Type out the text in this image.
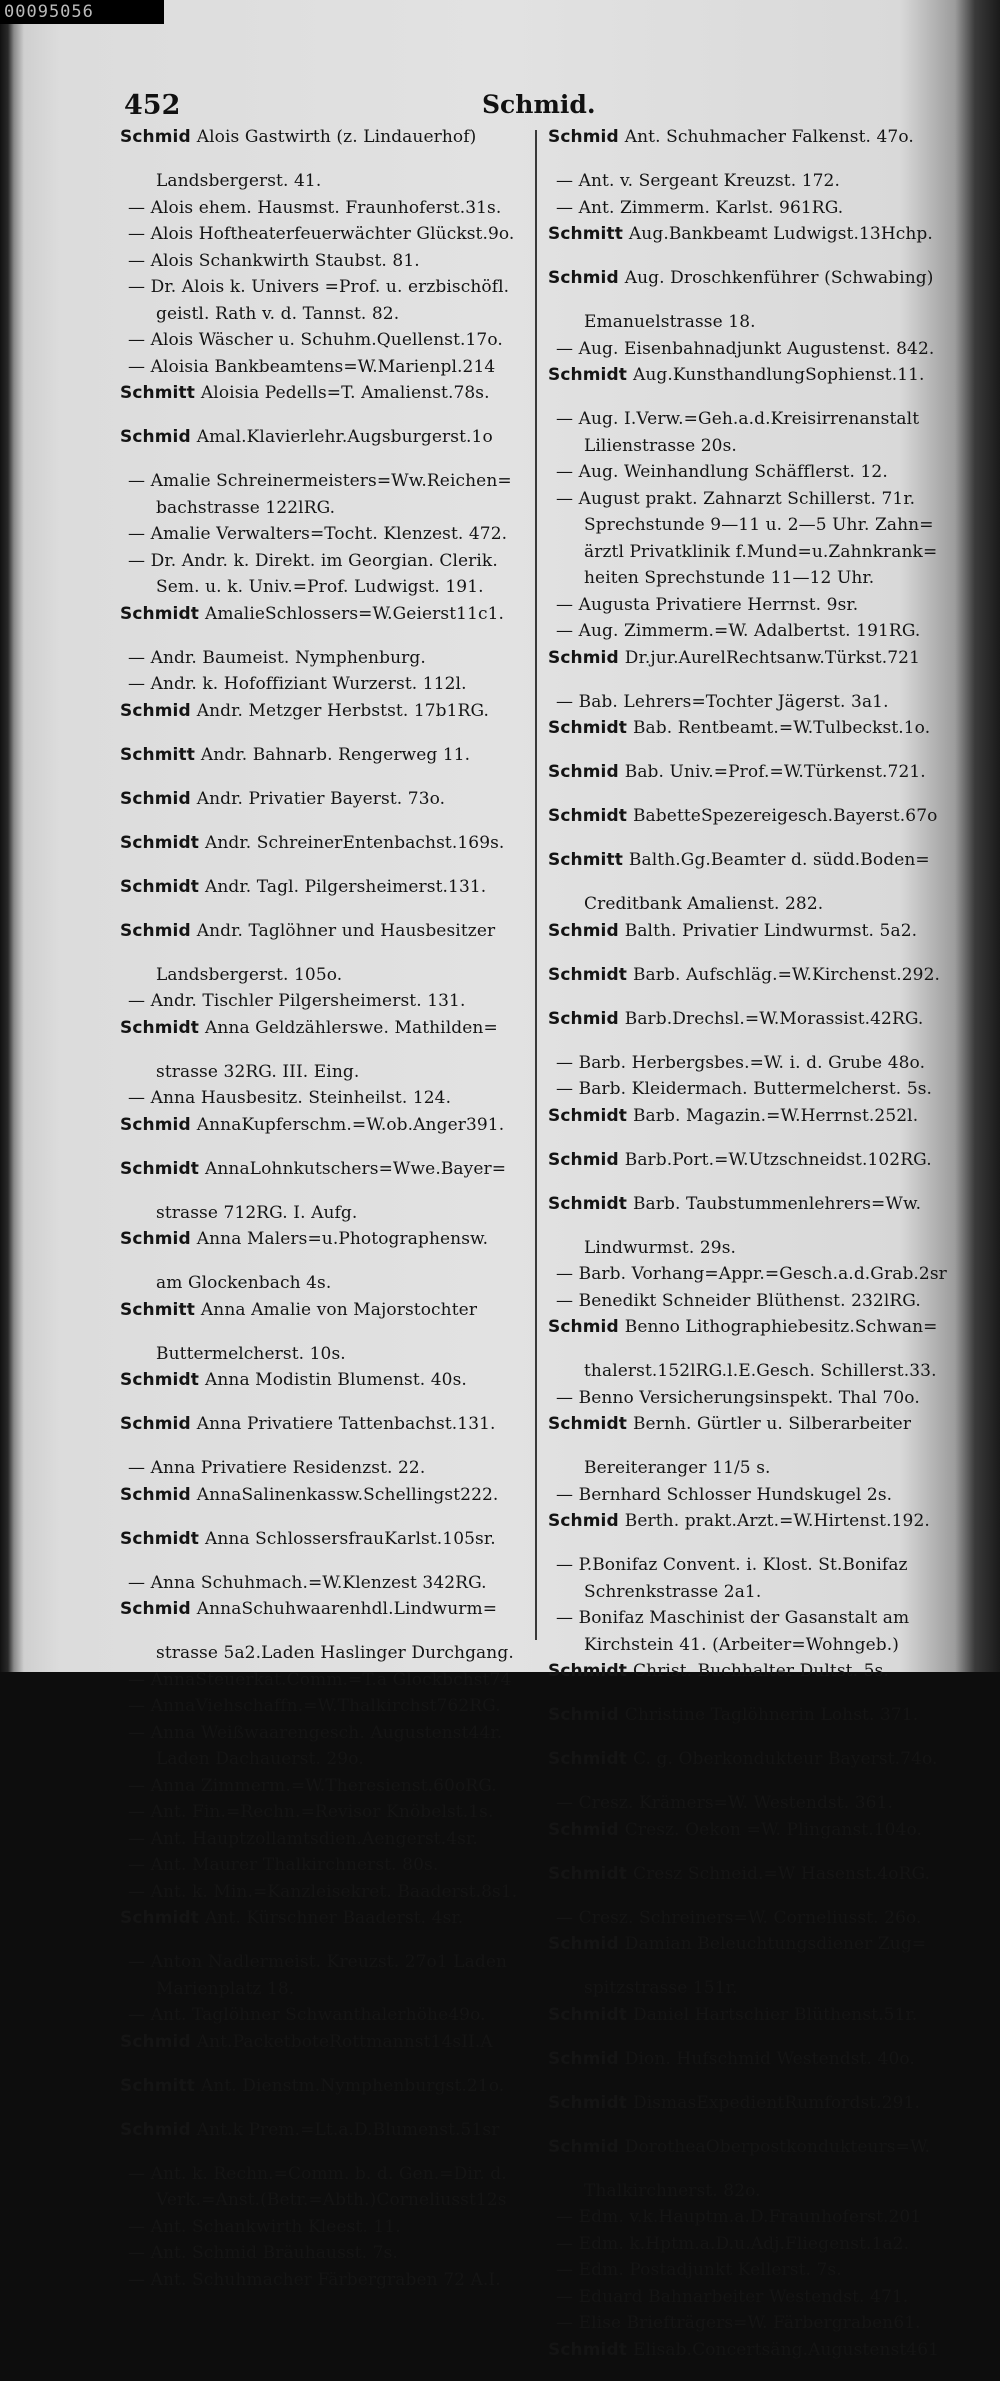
00095056
452	Schmid.
Schmid Alois Gastwirth (z. Lindauerhof)
Landsbergerst. 41.
— Alois ehem. Hausmst. Fraunhoferst.31s.
— Alois Hoftheaterfeuerwächter Glückst.9o.
— Alois Schankwirth Staubst. 81.
— Dr. Alois k. Univers =Prof. u. erzbischöfl.
geistl. Rath v. d. Tannst. 82.
— Alois Wäscher u. Schuhm.Quellenst.17o.
— Aloisia Bankbeamtens=W.Marienpl.214
Schmitt Aloisia Pedells=T. Amalienst.78s.
Schmid Amal.Klavierlehr.Augsburgerst.1o
— Amalie Schreinermeisters=Ww.Reichen=
bachstrasse 122lRG.
— Amalie Verwalters=Tocht. Klenzest. 472.
— Dr. Andr. k. Direkt. im Georgian. Clerik.
Sem. u. k. Univ.=Prof. Ludwigst. 191.
Schmidt AmalieSchlossers=W.Geierst11c1.
— Andr. Baumeist. Nymphenburg.
— Andr. k. Hofoffiziant Wurzerst. 112l.
Schmid Andr. Metzger Herbstst. 17b1RG.
Schmitt Andr. Bahnarb. Rengerweg 11.
Schmid Andr. Privatier Bayerst. 73o.
Schmidt Andr. SchreinerEntenbachst.169s.
Schmidt Andr. Tagl. Pilgersheimerst.131.
Schmid Andr. Taglöhner und Hausbesitzer
Landsbergerst. 105o.
— Andr. Tischler Pilgersheimerst. 131.
Schmidt Anna Geldzählerswe. Mathilden=
strasse 32RG. III. Eing.
— Anna Hausbesitz. Steinheilst. 124.
Schmid AnnaKupferschm.=W.ob.Anger391.
Schmidt AnnaLohnkutschers=Wwe.Bayer=
strasse 712RG. I. Aufg.
Schmid Anna Malers=u.Photographensw.
am Glockenbach 4s.
Schmitt Anna Amalie von Majorstochter
Buttermelcherst. 10s.
Schmidt Anna Modistin Blumenst. 40s.
Schmid Anna Privatiere Tattenbachst.131.
— Anna Privatiere Residenzst. 22.
Schmid AnnaSalinenkassw.Schellingst222.
Schmidt Anna SchlossersfrauKarlst.105sr.
— Anna Schuhmach.=W.Klenzest 342RG.
Schmid AnnaSchuhwaarenhdl.Lindwurm=
strasse 5a2.Laden Haslinger Durchgang.
— AnnaSteuerkat.Comm.=T.a Glockbchst74
— AnnaViehschaffn.=W.Thalkirchst762RG.
— Anna Weißwaarengesch. Augustenst44r.
Laden Dachauerst. 29o.
— Anna Zimmerm.=W.Theresienst.60oRG.
— Ant. Fin.=Rechn.=Revisor Knöbelst.1s.
— Ant. Hauptzollamtsdien.Aengerst.4sr.
— Ant. Maurer Thalkirchnerst. 80s.
— Ant. k. Min.=Kanzleisekret. Baaderst.8s1.
Schmidt Ant. Kürschner Baaderst. 4sr.
— Anton Nadlermeist. Kreuzst. 27o1 Laden
Marienplatz 18.
— Ant. Taglöhner Schwanthalerhöhe49o.
Schmid Ant.PacketboteRottmannst14sII.A
Schmitt Ant. Dienstm.Nymphenburgst.21o.
Schmid Ant.k Prem.=Lt.a.D.Blumenst.51sr
— Ant. k. Rechn.=Comm. b. d. Gen.=Dir. d.
Verk.=Anst.(Betr.=Abth.)Corneliusst12s
— Ant. Schankwirth Kleest. 11.
— Ant. Schmid Bräuhausst. 7s.
— Ant. Schuhmacher Färbergraben 72 A.I.
Schmid Ant. Schuhmacher Falkenst. 47o.
— Ant. v. Sergeant Kreuzst. 172.
— Ant. Zimmerm. Karlst. 961RG.
Schmitt Aug.Bankbeamt Ludwigst.13Hchp.
Schmid Aug. Droschkenführer (Schwabing)
Emanuelstrasse 18.
— Aug. Eisenbahnadjunkt Augustenst. 842.
Schmidt Aug.KunsthandlungSophienst.11.
— Aug. I.Verw.=Geh.a.d.Kreisirrenanstalt
Lilienstrasse 20s.
— Aug. Weinhandlung Schäfflerst. 12.
— August prakt. Zahnarzt Schillerst. 71r.
Sprechstunde 9—11 u. 2—5 Uhr. Zahn=
ärztl Privatklinik f.Mund=u.Zahnkrank=
heiten Sprechstunde 11—12 Uhr.
— Augusta Privatiere Herrnst. 9sr.
— Aug. Zimmerm.=W. Adalbertst. 191RG.
Schmid Dr.jur.AurelRechtsanw.Türkst.721
— Bab. Lehrers=Tochter Jägerst. 3a1.
Schmidt Bab. Rentbeamt.=W.Tulbeckst.1o.
Schmid Bab. Univ.=Prof.=W.Türkenst.721.
Schmidt BabetteSpezereigesch.Bayerst.67o
Schmitt Balth.Gg.Beamter d. südd.Boden=
Creditbank Amalienst. 282.
Schmid Balth. Privatier Lindwurmst. 5a2.
Schmidt Barb. Aufschläg.=W.Kirchenst.292.
Schmid Barb.Drechsl.=W.Morassist.42RG.
— Barb. Herbergsbes.=W. i. d. Grube 48o.
— Barb. Kleidermach. Buttermelcherst. 5s.
Schmidt Barb. Magazin.=W.Herrnst.252l.
Schmid Barb.Port.=W.Utzschneidst.102RG.
Schmidt Barb. Taubstummenlehrers=Ww.
Lindwurmst. 29s.
— Barb. Vorhang=Appr.=Gesch.a.d.Grab.2sr
— Benedikt Schneider Blüthenst. 232lRG.
Schmid Benno Lithographiebesitz.Schwan=
thalerst.152lRG.l.E.Gesch. Schillerst.33.
— Benno Versicherungsinspekt. Thal 70o.
Schmidt Bernh. Gürtler u. Silberarbeiter
Bereiteranger 11/5 s.
— Bernhard Schlosser Hundskugel 2s.
Schmid Berth. prakt.Arzt.=W.Hirtenst.192.
— P.Bonifaz Convent. i. Klost. St.Bonifaz
Schrenkstrasse 2a1.
— Bonifaz Maschinist der Gasanstalt am
Kirchstein 41. (Arbeiter=Wohngeb.)
Schmidt Christ. Buchhalter Dultst. 5s.
Schmid Christine Taglöhnerin Lohst. 371.
Schmidt C. g. Oberkondukteur Bayerst.74o.
— Cresz. Krämers=W. Westendst. 361.
Schmid Cresz. Oekon =W. Plinganst.104o.
Schmidt Cresz Schneid.=W Hasenst.4oRG.
— Cresz. Schreiners=W. Corneliusst. 26o.
Schmid Damian Beleuchtungsdiener Zug=
spitzstrasse 151r.
Schmidt Daniel Hartschier Blüthenst.51r.
Schmid Dion. Hufschmid Westendst. 40o.
Schmidt DismasExpedientRumfordst.291.
Schmid DorotheaOberpostkondukteurs=W.
Thalkirchnerst. 82o.
— Edm. v.k.Hauptm.a.D.Fraunhoferst.201
— Edm. k.Hptm.a.D.u.Adj.Fliegenst.1a2.
— Edm. Postadjunkt Kellerst. 7s.
— Eduard Bahnarbeiter Westendst. 471.
— Elise Briefträgers=W. Färbergraben61.
Schmidt Elisab.Concertsäng.Augustenst461
